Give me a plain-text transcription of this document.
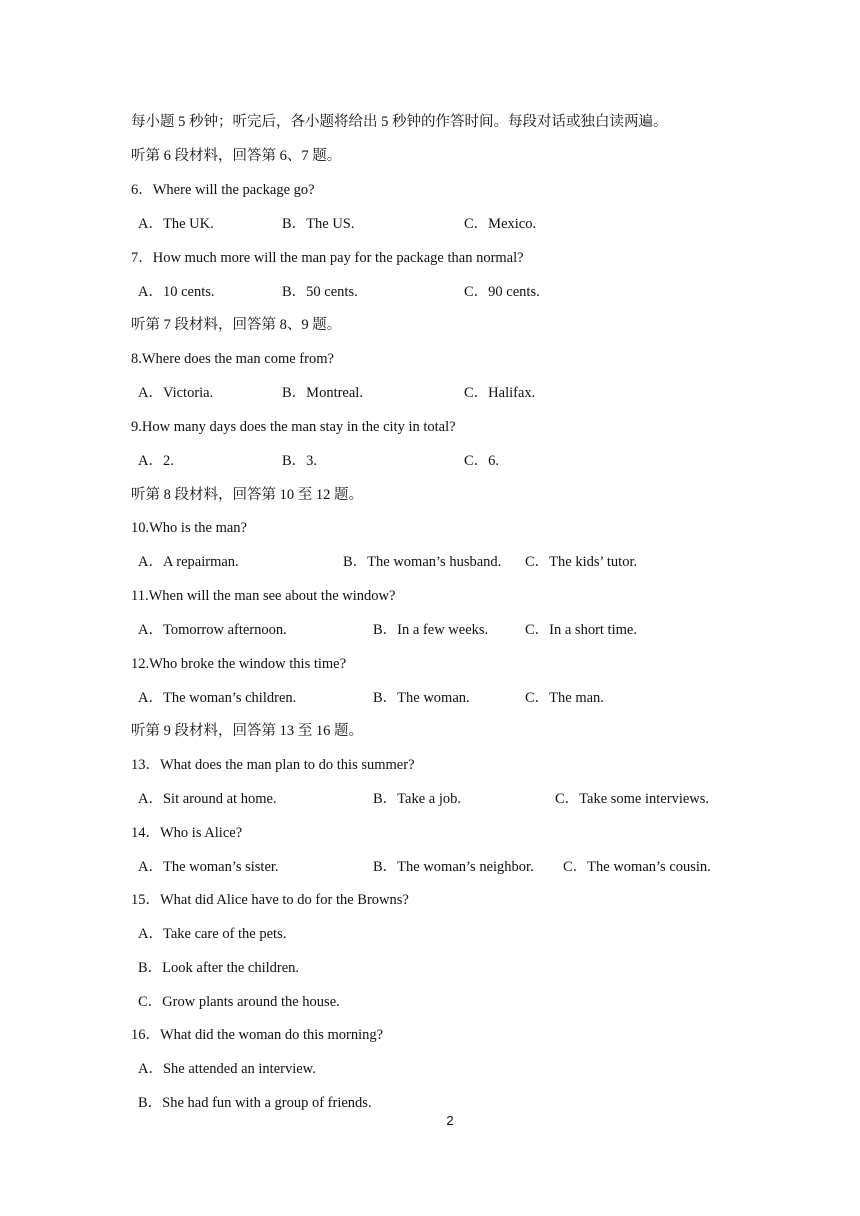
每小题 5 秒钟；听完后，各小题将给出 5 秒钟的作答时间。每段对话或独白读两遍。
听第 6 段材料，回答第 6、7 题。
6．Where will the package go?
A．The UK.	B．The US.	C．Mexico.
7．How much more will the man pay for the package than normal?
A．10 cents.	B．50 cents.	C．90 cents.
听第 7 段材料，回答第 8、9 题。
8.Where does the man come from?
A．Victoria.	B．Montreal.	C．Halifax.
9.How many days does the man stay in the city in total?
A．2.	B．3.	C．6.
听第 8 段材料，回答第 10 至 12 题。
10.Who is the man?
A．A repairman.	B．The woman’s husband. C．The kids’ tutor.
11.When will the man see about the window?
A．Tomorrow afternoon.	B．In a few weeks.	C．In a short time.
12.Who broke the window this time?
A．The woman’s children.	B．The woman.	C．The man.
听第 9 段材料，回答第 13 至 16 题。
13．What does the man plan to do this summer?
A．Sit around at home.	B．Take a job.	C．Take some interviews.
14．Who is Alice?
A．The woman’s sister.	B．The woman’s neighbor. C．The woman’s cousin.
15．What did Alice have to do for the Browns?
A．Take care of the pets.
B．Look after the children.
C．Grow plants around the house.
16．What did the woman do this morning?
A．She attended an interview.
B．She had fun with a group of friends.
2
